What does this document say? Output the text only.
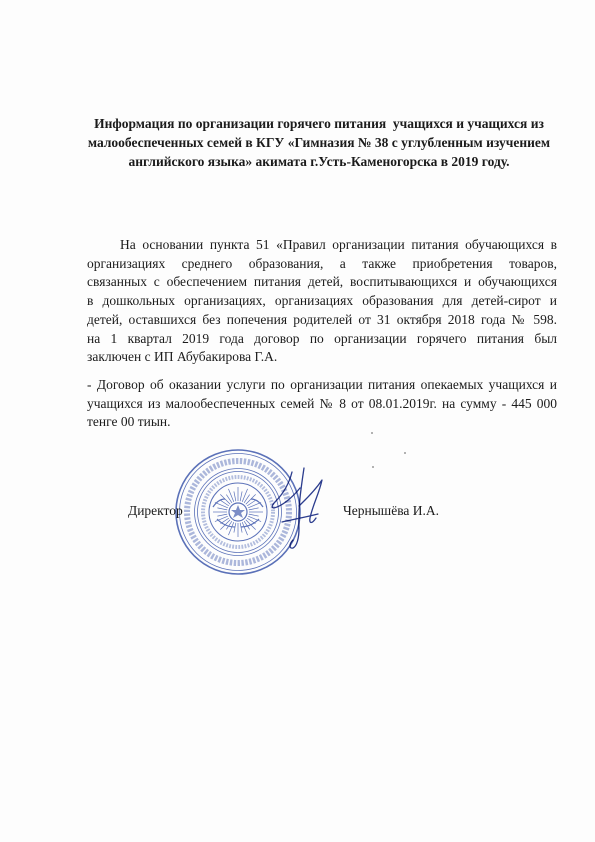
Информация по организации горячего питания  учащихся и учащихся из
малообеспеченных семей в КГУ «Гимназия № 38 с углубленным изучением
английского языка» акимата г.Усть-Каменогорска в 2019 году.
На основании пункта 51 «Правил организации питания обучающихся в
организациях среднего образования, а также приобретения товаров,
связанных с обеспечением питания детей, воспитывающихся и обучающихся
в дошкольных организациях, организациях образования для детей-сирот и
детей, оставшихся без попечения родителей от 31 октября 2018 года № 598.
на 1 квартал 2019 года договор по организации горячего питания был
заключен с ИП Абубакирова Г.А.
- Договор об оказании услуги по организации питания опекаемых учащихся и
учащихся из малообеспеченных семей № 8 от 08.01.2019г. на сумму - 445 000
тенге 00 тиын.
Директор	Чернышёва И.А.
